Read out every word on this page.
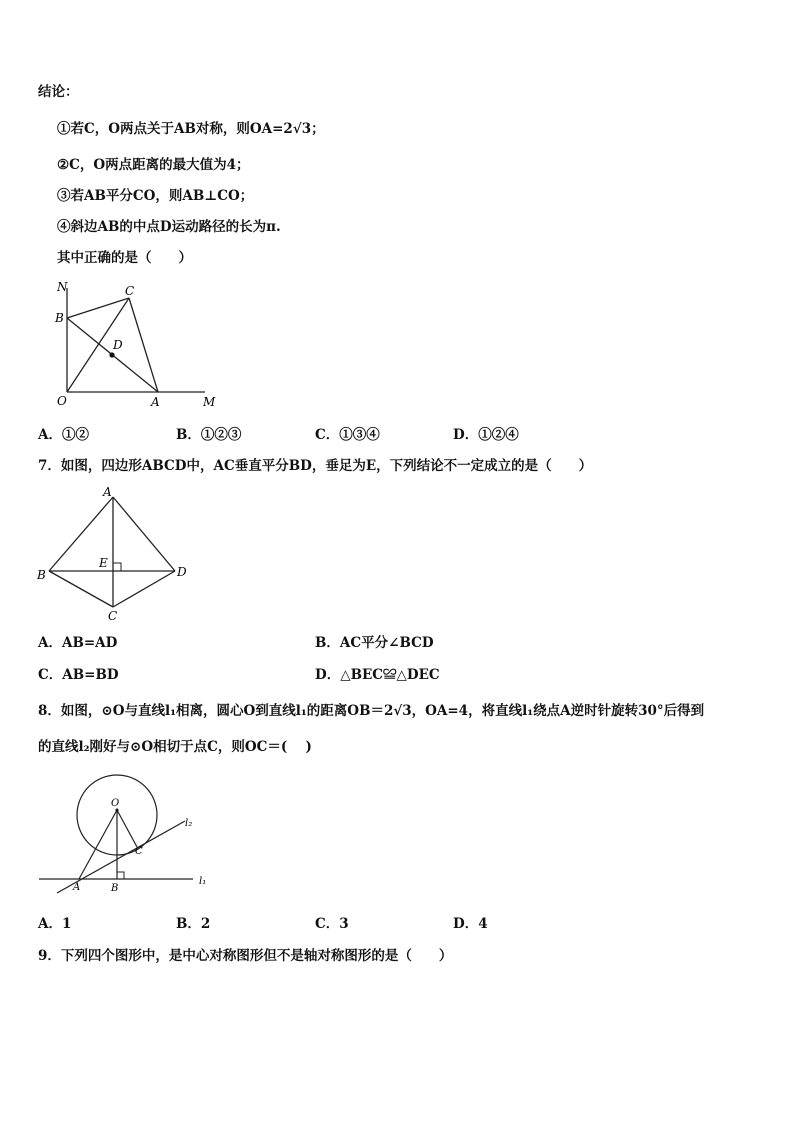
结论：
①若C，O两点关于AB对称，则OA=2√3；
②C，O两点距离的最大值为4；
③若AB平分CO，则AB⊥CO；
④斜边AB的中点D运动路径的长为π.
其中正确的是（　　）
N	C
B
D
O	A	M
A．①②	B．①②③	C．①③④	D．①②④
7．如图，四边形ABCD中，AC垂直平分BD，垂足为E，下列结论不一定成立的是（　　）
A
B	D
E
C
A．AB=AD	B．AC平分∠BCD
C．AB=BD	D．△BEC≌△DEC
8．如图，⊙O与直线l₁相离，圆心O到直线l₁的距离OB＝2√3，OA=4，将直线l₁绕点A逆时针旋转30°后得到
的直线l₂刚好与⊙O相切于点C，则OC＝(　 )
O
C
A	B
l₁
l₂
A．1	B．2	C．3	D．4
9．下列四个图形中，是中心对称图形但不是轴对称图形的是（　　）
